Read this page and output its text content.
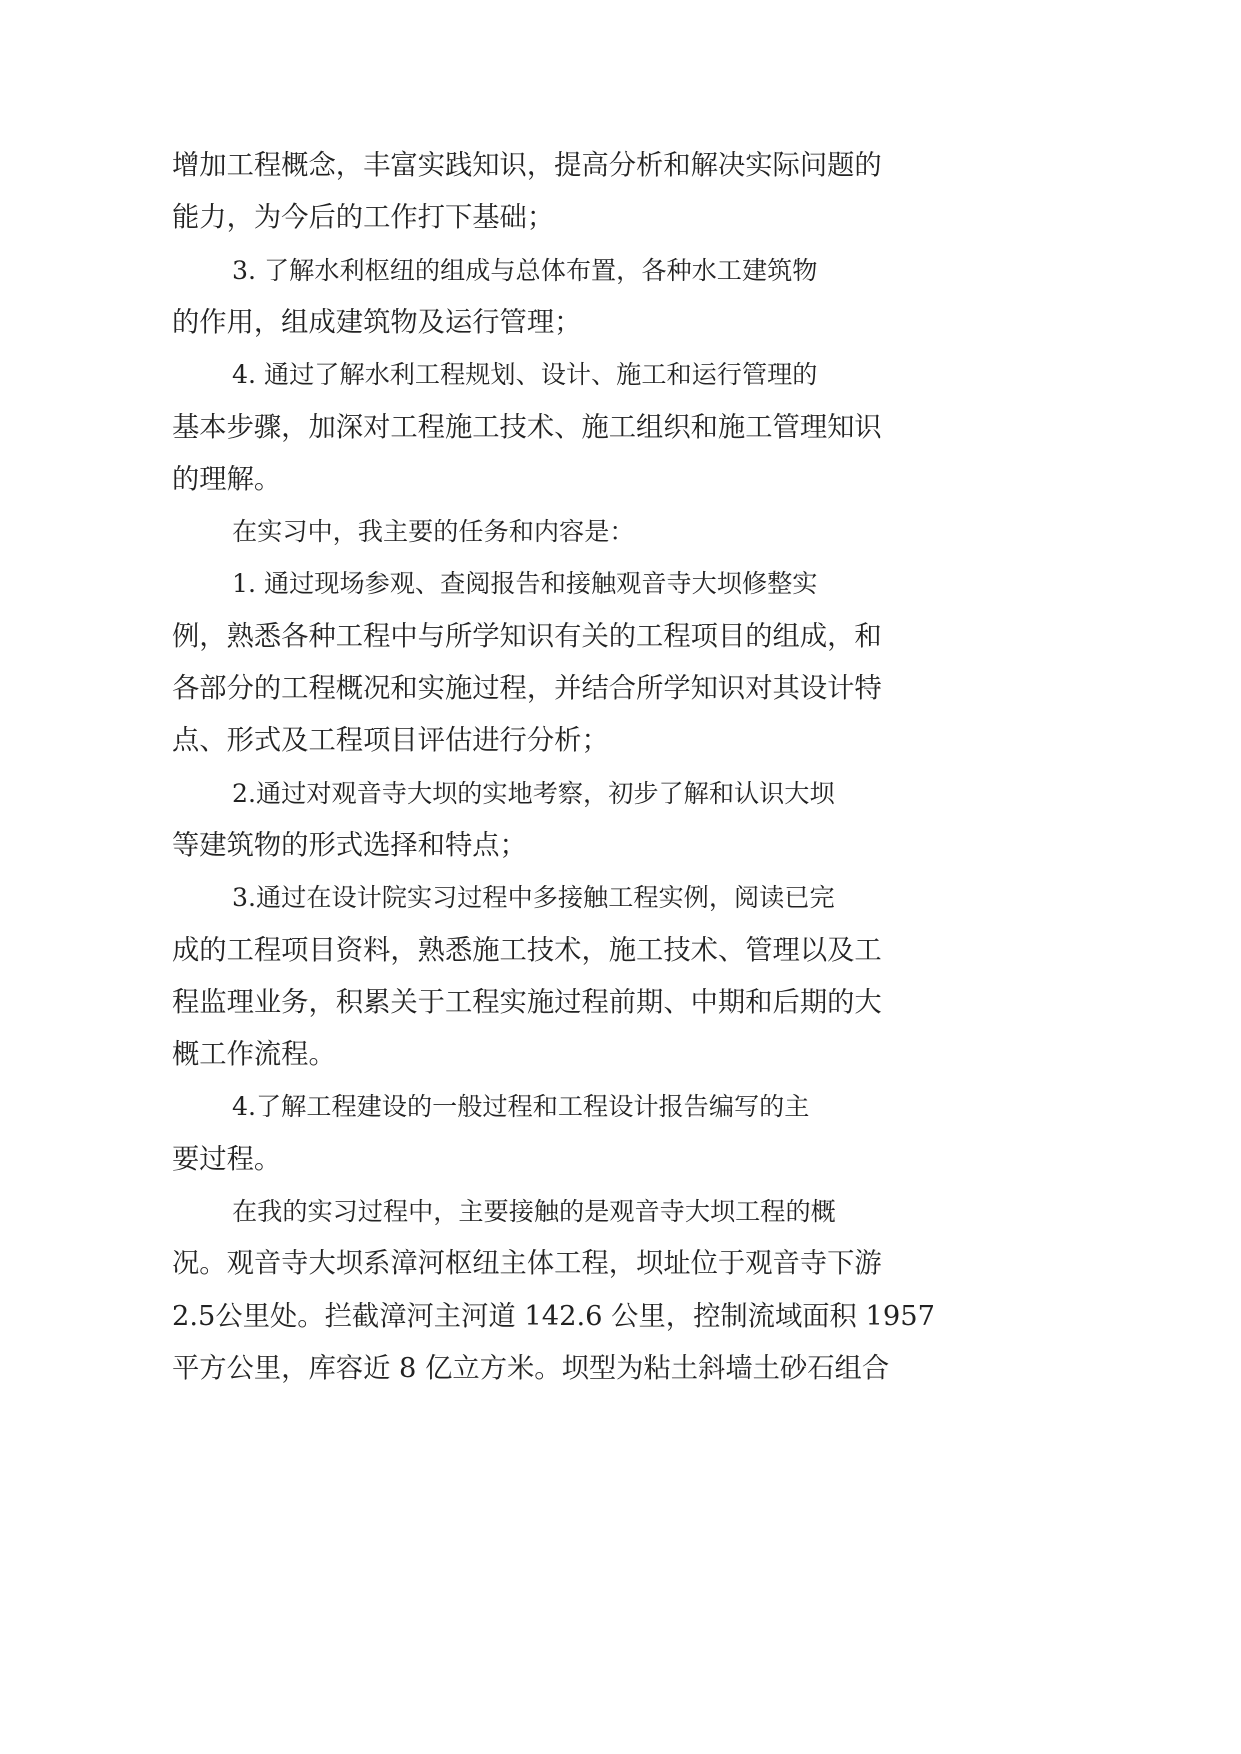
增加工程概念，丰富实践知识，提高分析和解决实际问题的
能力，为今后的工作打下基础；
3. 了解水利枢纽的组成与总体布置，各种水工建筑物
的作用，组成建筑物及运行管理；
4. 通过了解水利工程规划、设计、施工和运行管理的
基本步骤，加深对工程施工技术、施工组织和施工管理知识
的理解。
在实习中，我主要的任务和内容是：
1. 通过现场参观、查阅报告和接触观音寺大坝修整实
例，熟悉各种工程中与所学知识有关的工程项目的组成，和
各部分的工程概况和实施过程，并结合所学知识对其设计特
点、形式及工程项目评估进行分析；
2.通过对观音寺大坝的实地考察，初步了解和认识大坝
等建筑物的形式选择和特点；
3.通过在设计院实习过程中多接触工程实例，阅读已完
成的工程项目资料，熟悉施工技术，施工技术、管理以及工
程监理业务，积累关于工程实施过程前期、中期和后期的大
概工作流程。
4.了解工程建设的一般过程和工程设计报告编写的主
要过程。
在我的实习过程中，主要接触的是观音寺大坝工程的概
况。观音寺大坝系漳河枢纽主体工程，坝址位于观音寺下游
2.5公里处。拦截漳河主河道 142.6 公里，控制流域面积 1957
平方公里，库容近 8 亿立方米。坝型为粘土斜墙土砂石组合
